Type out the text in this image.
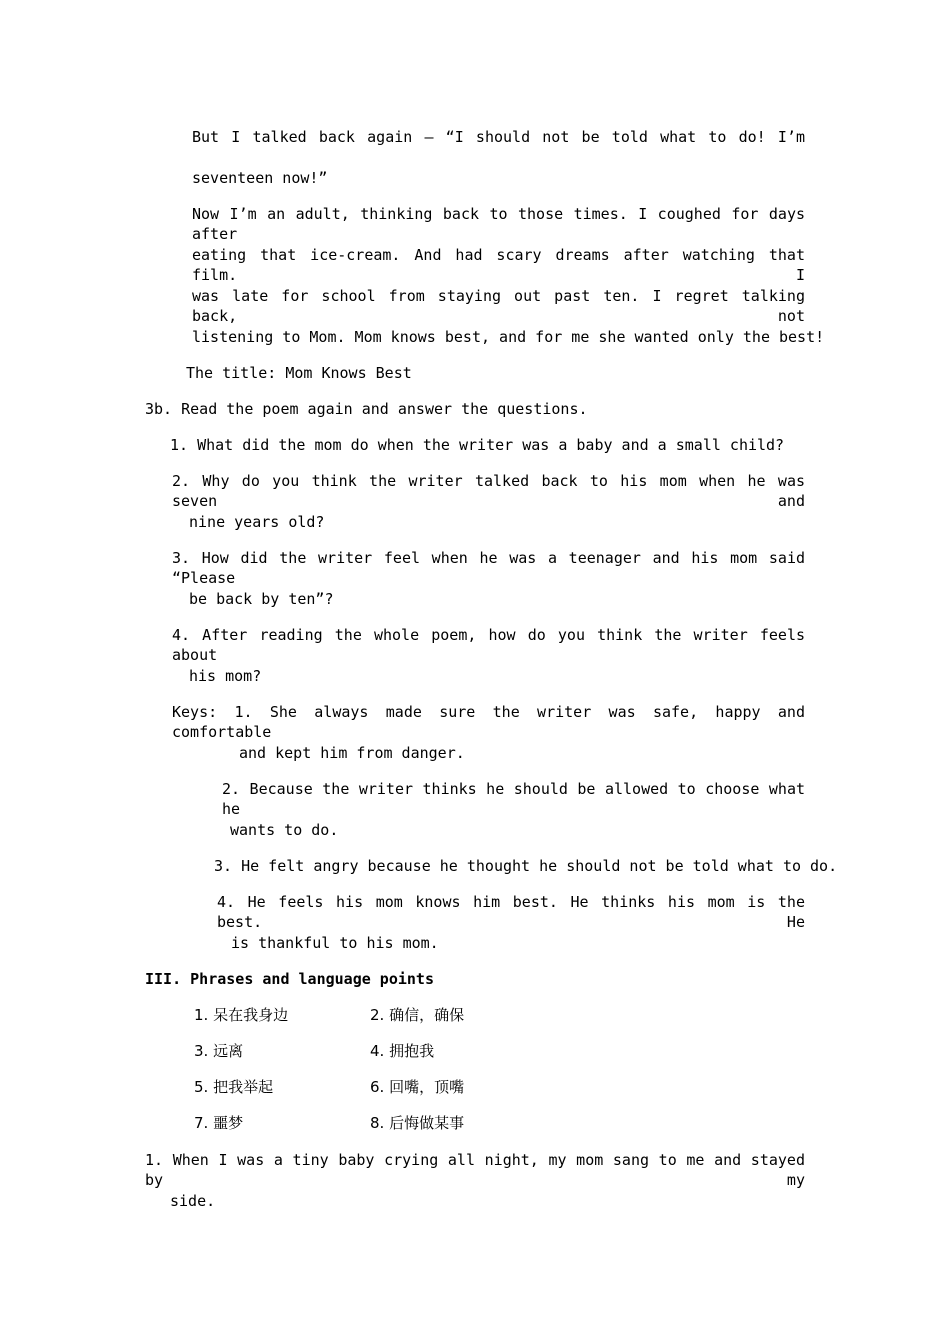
But I talked back again — “I should not be told what to do! I’m
seventeen now!”
Now I’m an adult, thinking back to those times. I coughed for days after
eating that ice-cream. And had scary dreams after watching that film. I
was late for school from staying out past ten. I regret talking back, not
listening to Mom. Mom knows best, and for me she wanted only the best!
The title: Mom Knows Best
3b. Read the poem again and answer the questions.
1. What did the mom do when the writer was a baby and a small child?
2. Why do you think the writer talked back to his mom when he was seven and
nine years old?
3. How did the writer feel when he was a teenager and his mom said “Please
be back by ten”?
4. After reading the whole poem, how do you think the writer feels about
his mom?
Keys: 1. She always made sure the writer was safe, happy and comfortable
and kept him from danger.
2. Because the writer thinks he should be allowed to choose what he
wants to do.
3. He felt angry because he thought he should not be told what to do.
4. He feels his mom knows him best. He thinks his mom is the best. He
is thankful to his mom.
III. Phrases and language points
1. 呆在我身边	2. 确信，确保
3. 远离	4. 拥抱我
5. 把我举起	6. 回嘴，顶嘴
7. 噩梦	8. 后悔做某事
1. When I was a tiny baby crying all night, my mom sang to me and stayed by my
side.
